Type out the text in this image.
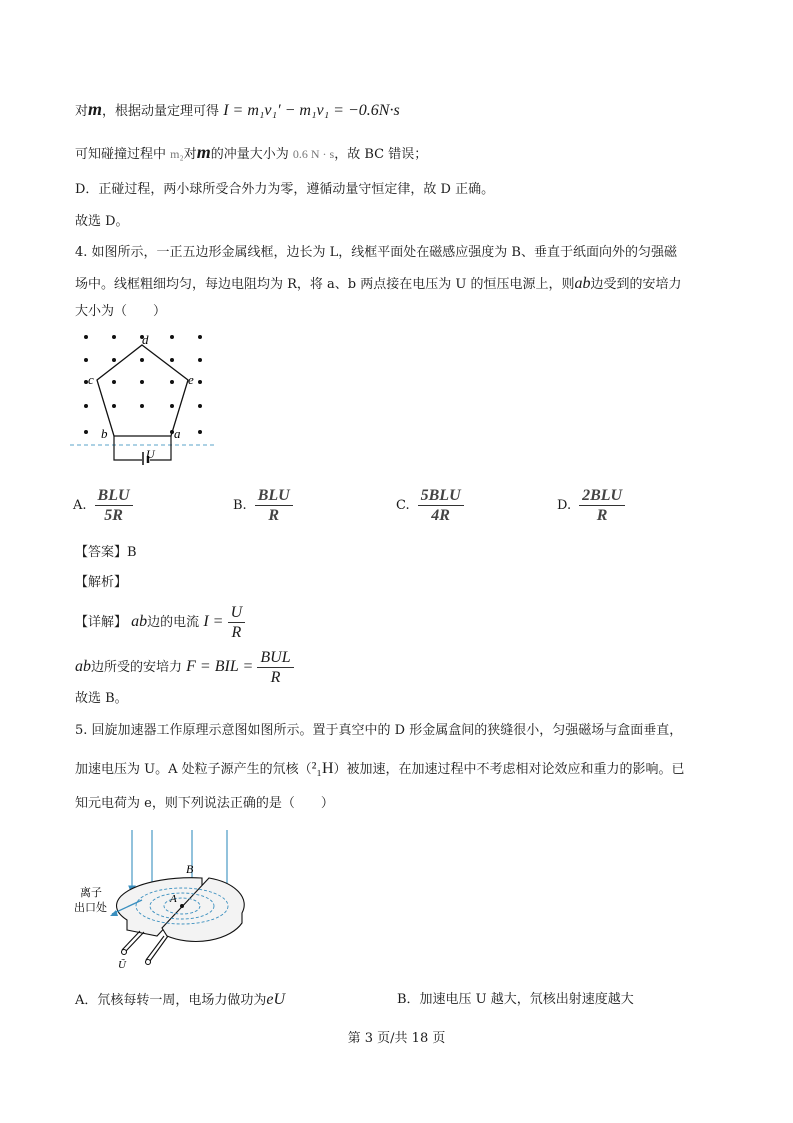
对m，根据动量定理可得 I = m₁v₁′ − m₁v₁ = −0.6N·s
可知碰撞过程中 m₂对m的冲量大小为 0.6 N · s，故 BC 错误；
D．正碰过程，两小球所受合外力为零，遵循动量守恒定律，故 D 正确。
故选 D。
4. 如图所示，一正五边形金属线框，边长为 L，线框平面处在磁感应强度为 B、垂直于纸面向外的匀强磁
场中。线框粗细均匀，每边电阻均为 R，将 a、b 两点接在电压为 U 的恒压电源上，则ab边受到的安培力
大小为（　　）
d
c	e
b	a
U
A. $\frac{\text{BLU}}{5R}$	B. $\frac{\text{BLU}}{R}$	C. $\frac{\text{5BLU}}{4R}$	D. $\frac{\text{2BLU}}{R}$
【答案】B
【解析】
【详解】 ab边的电流 $I = \frac{U}{R}$
ab边所受的安培力 F = BIL = $\frac{\text{BUL}}{R}$
故选 B。
5. 回旋加速器工作原理示意图如图所示。置于真空中的 D 形金属盒间的狭缝很小，匀强磁场与盒面垂直，
加速电压为 U。A 处粒子源产生的氘核（²₁H）被加速，在加速过程中不考虑相对论效应和重力的影响。已
知元电荷为 e，则下列说法正确的是（　　）
B
A
离子
出口处
Ũ
A．氘核每转一周，电场力做功为eU	B．加速电压 U 越大，氘核出射速度越大
第 3 页/共 18 页
